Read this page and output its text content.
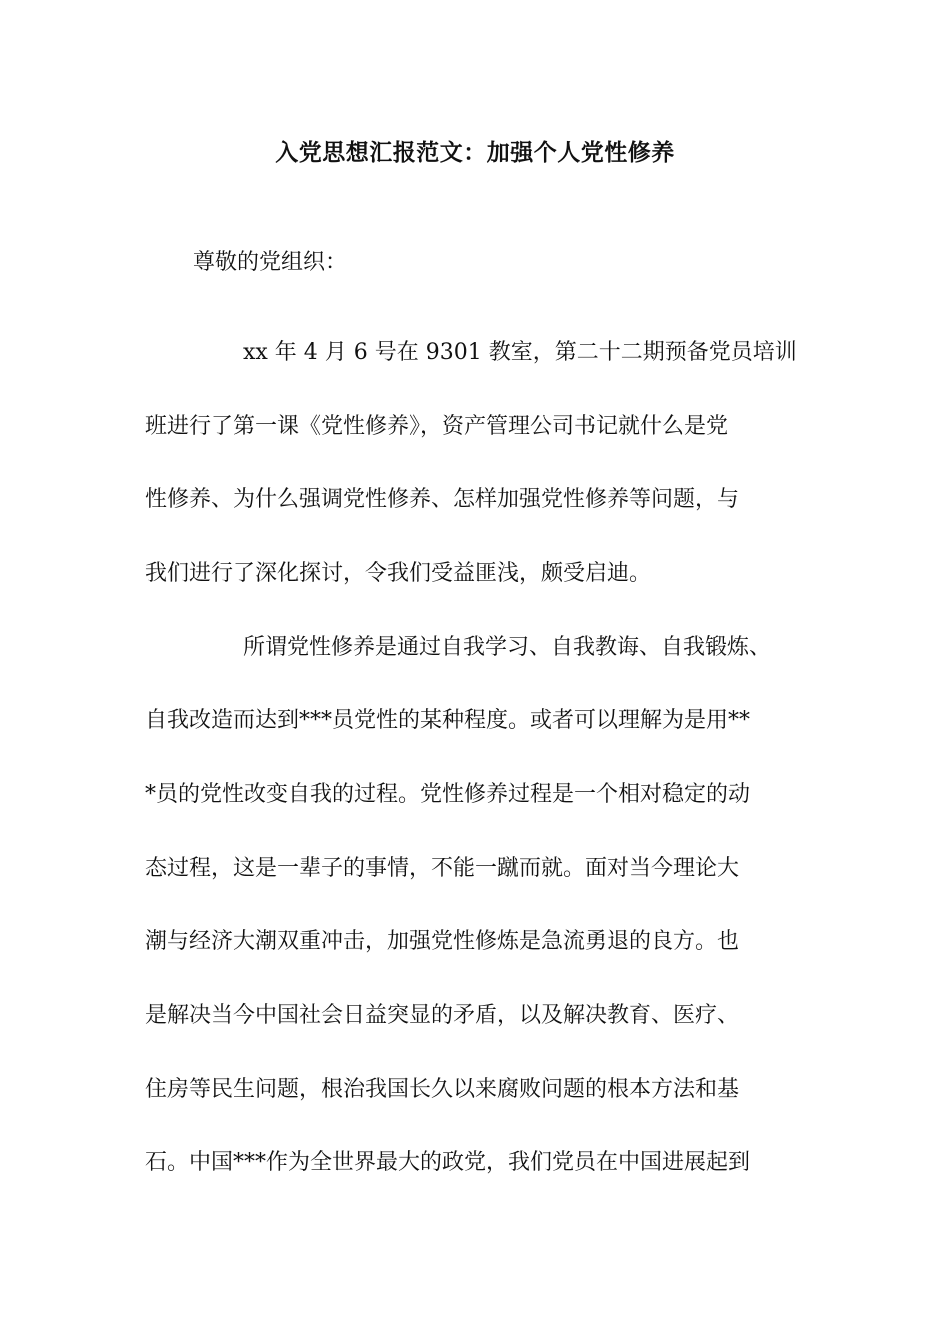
入党思想汇报范文：加强个人党性修养

尊敬的党组织：

xx 年 4 月 6 号在 9301 教室，第二十二期预备党员培训

班进行了第一课《党性修养》，资产管理公司书记就什么是党

性修养、为什么强调党性修养、怎样加强党性修养等问题，与

我们进行了深化探讨，令我们受益匪浅，颇受启迪。

所谓党性修养是通过自我学习、自我教诲、自我锻炼、

自我改造而达到***员党性的某种程度。或者可以理解为是用**

*员的党性改变自我的过程。党性修养过程是一个相对稳定的动

态过程，这是一辈子的事情，不能一蹴而就。面对当今理论大

潮与经济大潮双重冲击，加强党性修炼是急流勇退的良方。也

是解决当今中国社会日益突显的矛盾，以及解决教育、医疗、

住房等民生问题，根治我国长久以来腐败问题的根本方法和基

石。中国***作为全世界最大的政党，我们党员在中国进展起到
